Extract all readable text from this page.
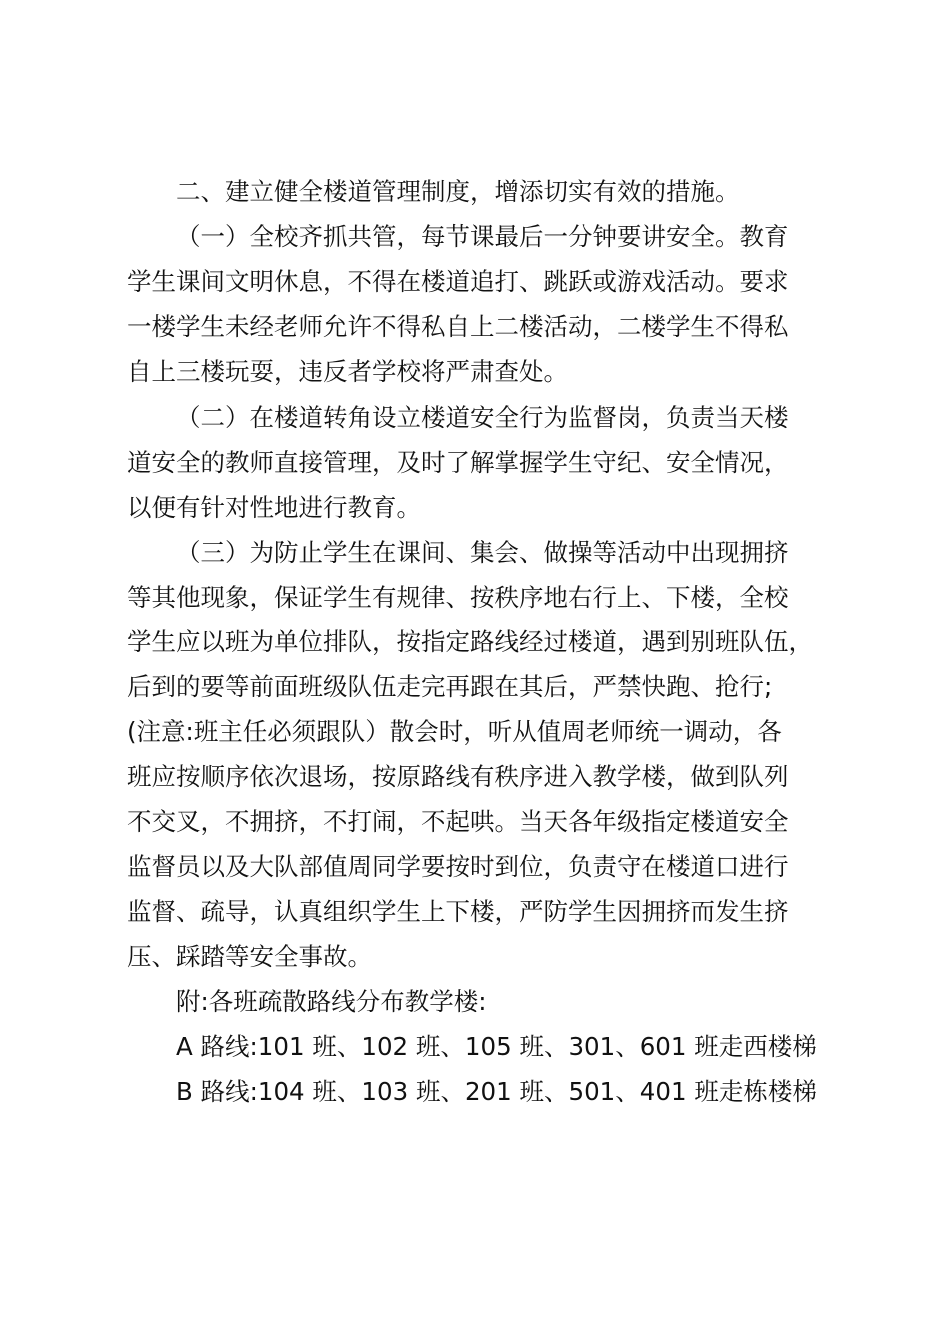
二、建立健全楼道管理制度，增添切实有效的措施。
（一）全校齐抓共管，每节课最后一分钟要讲安全。教育
学生课间文明休息，不得在楼道追打、跳跃或游戏活动。要求
一楼学生未经老师允许不得私自上二楼活动，二楼学生不得私
自上三楼玩耍，违反者学校将严肃查处。
（二）在楼道转角设立楼道安全行为监督岗，负责当天楼
道安全的教师直接管理，及时了解掌握学生守纪、安全情况，
以便有针对性地进行教育。
（三）为防止学生在课间、集会、做操等活动中出现拥挤
等其他现象，保证学生有规律、按秩序地右行上、下楼，全校
学生应以班为单位排队，按指定路线经过楼道，遇到别班队伍，
后到的要等前面班级队伍走完再跟在其后，严禁快跑、抢行;
(注意:班主任必须跟队）散会时，听从值周老师统一调动，各
班应按顺序依次退场，按原路线有秩序进入教学楼，做到队列
不交叉，不拥挤，不打闹，不起哄。当天各年级指定楼道安全
监督员以及大队部值周同学要按时到位，负责守在楼道口进行
监督、疏导，认真组织学生上下楼，严防学生因拥挤而发生挤
压、踩踏等安全事故。
附:各班疏散路线分布教学楼:
A 路线:101 班、102 班、105 班、301、601 班走西楼梯
B 路线:104 班、103 班、201 班、501、401 班走栋楼梯
